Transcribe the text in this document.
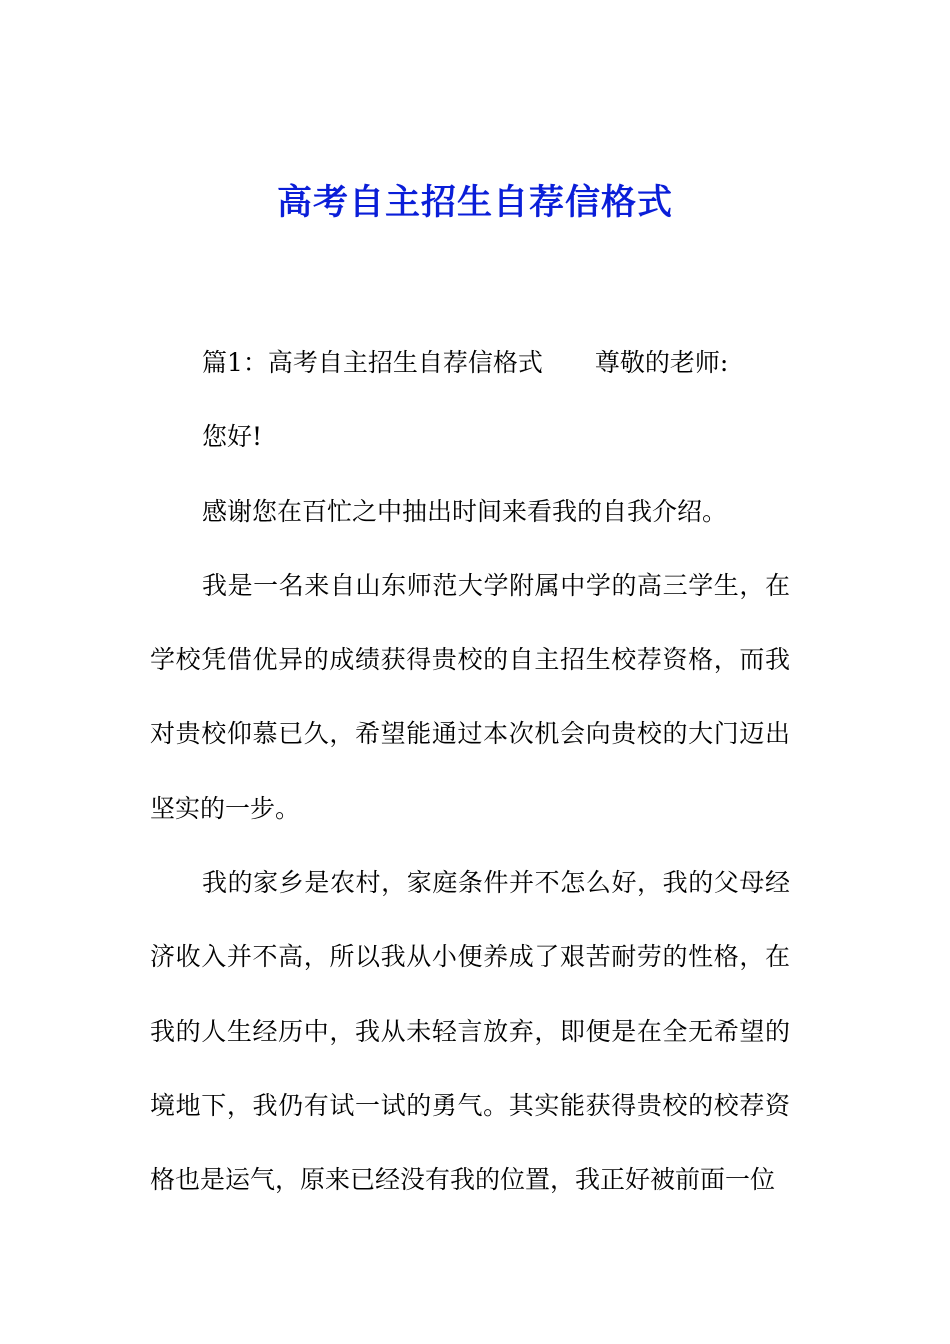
高考自主招生自荐信格式

篇1：高考自主招生自荐信格式 尊敬的老师:

您好!

感谢您在百忙之中抽出时间来看我的自我介绍。

我是一名来自山东师范大学附属中学的高三学生，在学校凭借优异的成绩获得贵校的自主招生校荐资格，而我对贵校仰慕已久，希望能通过本次机会向贵校的大门迈出坚实的一步。

我的家乡是农村，家庭条件并不怎么好，我的父母经济收入并不高，所以我从小便养成了艰苦耐劳的性格，在我的人生经历中，我从未轻言放弃，即便是在全无希望的境地下，我仍有试一试的勇气。其实能获得贵校的校荐资格也是运气，原来已经没有我的位置，我正好被前面一位
